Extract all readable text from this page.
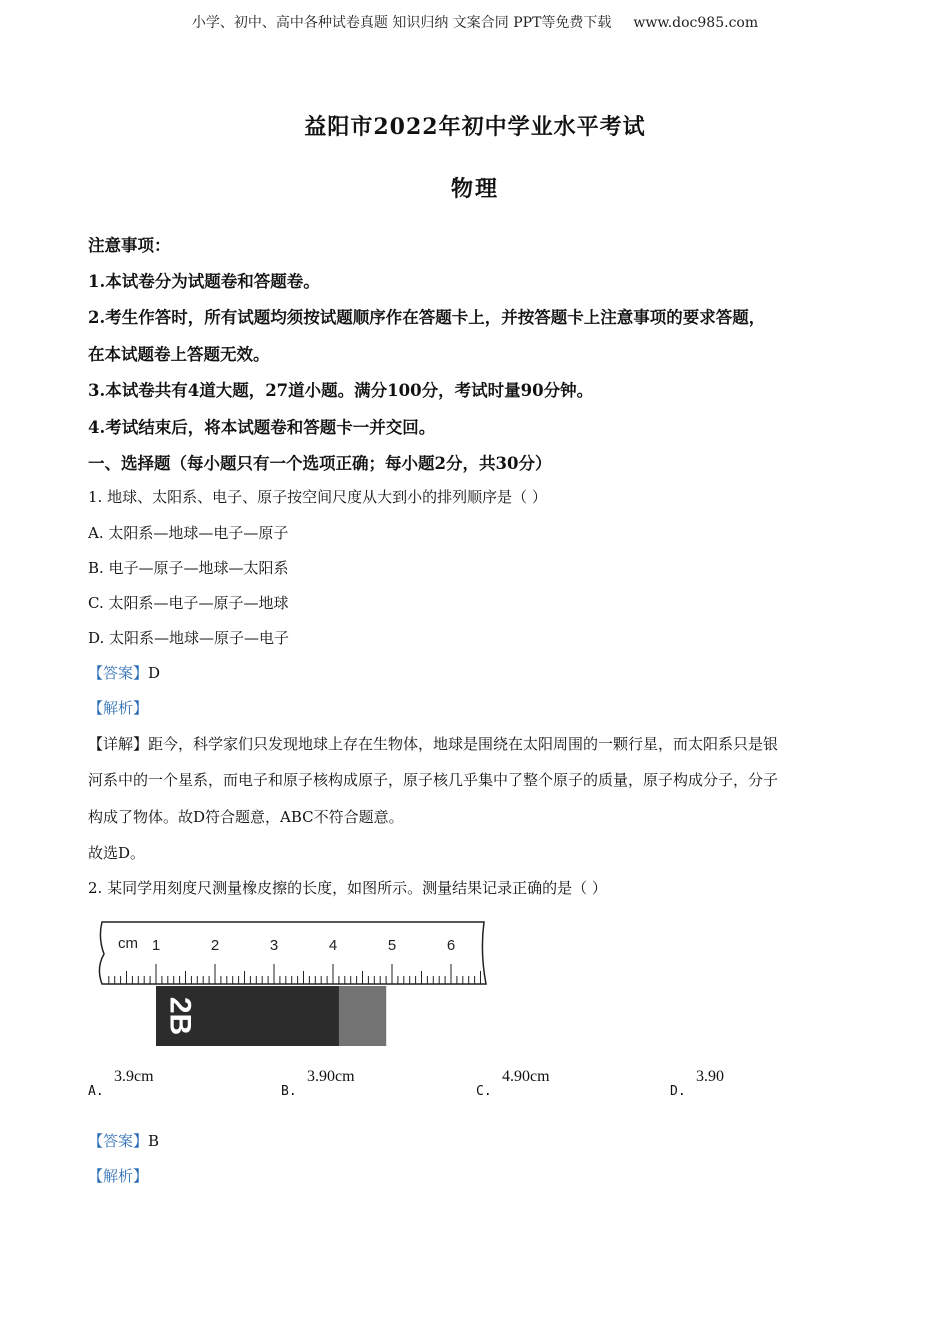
小学、初中、高中各种试卷真题 知识归纳 文案合同 PPT等免费下载 www.doc985.com
益阳市2022年初中学业水平考试
物理
注意事项：
1.本试卷分为试题卷和答题卷。
2.考生作答时，所有试题均须按试题顺序作在答题卡上，并按答题卡上注意事项的要求答题，
在本试题卷上答题无效。
3.本试卷共有4道大题，27道小题。满分100分，考试时量90分钟。
4.考试结束后，将本试题卷和答题卡一并交回。
一、选择题（每小题只有一个选项正确；每小题2分，共30分）
1. 地球、太阳系、电子、原子按空间尺度从大到小的排列顺序是（ ）
A. 太阳系—地球—电子—原子
B. 电子—原子—地球—太阳系
C. 太阳系—电子—原子—地球
D. 太阳系—地球—原子—电子
【答案】D
【解析】
【详解】距今，科学家们只发现地球上存在生物体，地球是围绕在太阳周围的一颗行星，而太阳系只是银
河系中的一个星系，而电子和原子核构成原子，原子核几乎集中了整个原子的质量，原子构成分子，分子
构成了物体。故D符合题意，ABC不符合题意。
故选D。
2. 某同学用刻度尺测量橡皮擦的长度，如图所示。测量结果记录正确的是（ ）
cm 1	2	3	4	5	6
2B
A.
3.9cm
B.
3.90cm
C.
4.90cm
D.
3.90
【答案】B
【解析】
